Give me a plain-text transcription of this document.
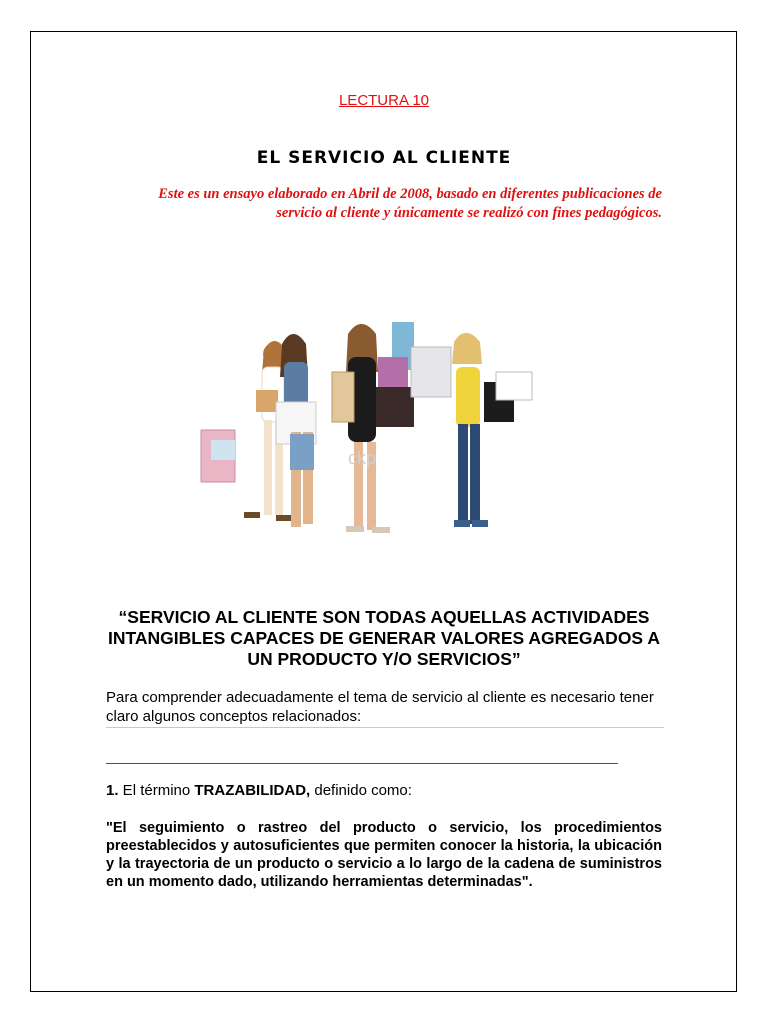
LECTURA 10
EL SERVICIO AL CLIENTE
Este es un ensayo elaborado en Abril de 2008, basado en diferentes publicaciones de
servicio al cliente y únicamente se realizó con fines pedagógicos.
ckp
“SERVICIO AL CLIENTE SON TODAS AQUELLAS ACTIVIDADES
INTANGIBLES CAPACES DE GENERAR VALORES AGREGADOS A
UN PRODUCTO Y/O SERVICIOS”
Para comprender adecuadamente el tema de servicio al cliente es necesario tener
claro algunos conceptos relacionados:
1. El término TRAZABILIDAD, definido como:
"El seguimiento o rastreo del producto o servicio, los procedimientos preestablecidos y autosuficientes que permiten conocer la historia, la ubicación y la trayectoria de un producto o servicio a lo largo de la cadena de suministros en un momento dado, utilizando herramientas determinadas".
